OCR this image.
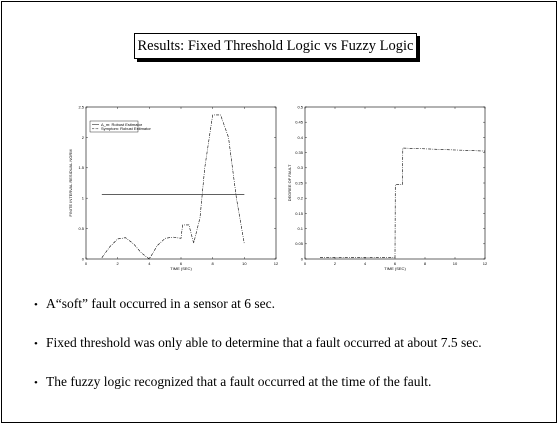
Results: Fixed Threshold Logic vs Fuzzy Logic
0	2	4	6	8	10	12
0
0.5
1
1.5
2
2.5
TIME (SEC)
FINITE INTERVAL RESIDUAL NORM
Δ_m: Robust Estimator
Symptom: Robust Estimator
0	2	4	6	8	10	12
0
0.05
0.1
0.15
0.2
0.25
0.3
0.35
0.4
0.45
0.5
TIME (SEC)
DEGREE OF FAULT
• A“soft” fault occurred in a sensor at 6 sec.
• Fixed threshold was only able to determine that a fault occurred at about 7.5 sec.
• The fuzzy logic recognized that a fault occurred at the time of the fault.
